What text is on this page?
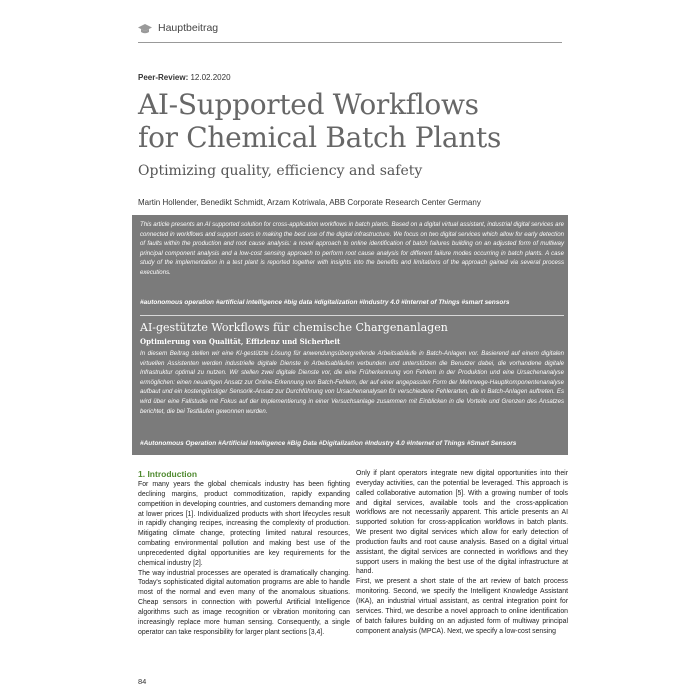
Hauptbeitrag
Peer-Review: 12.02.2020
AI-Supported Workflows
for Chemical Batch Plants
Optimizing quality, efficiency and safety
Martin Hollender, Benedikt Schmidt, Arzam Kotriwala, ABB Corporate Research Center Germany

This article presents an AI supported solution for cross-application workflows in batch plants. Based on a digital virtual assistant, industrial digital services are connected in workflows and support users in making the best use of the digital infrastructure. We focus on two digital services which allow for early detection of faults within the production and root cause analysis: a novel approach to online identification of batch failures building on an adjusted form of multiway principal component analysis and a low-cost sensing approach to perform root cause analysis for different failure modes occurring in batch plants. A case study of the implementation in a test plant is reported together with insights into the benefits and limitations of the approach gained via several process executions.

#autonomous operation #artificial intelligence #big data #digitalization #Industry 4.0 #Internet of Things #smart sensors
AI-gestützte Workflows für chemische Chargenanlagen
Optimierung von Qualität, Effizienz und Sicherheit

In diesem Beitrag stellen wir eine KI-gestützte Lösung für anwendungsübergreifende Arbeitsabläufe in Batch-Anlagen vor. Basierend auf einem digitalen virtuellen Assistenten werden industrielle digitale Dienste in Arbeitsabläufen verbunden und unterstützen die Benutzer dabei, die vorhandene digitale Infrastruktur optimal zu nutzen. Wir stellen zwei digitale Dienste vor, die eine Früherkennung von Fehlern in der Produktion und eine Ursachenanalyse ermöglichen: einen neuartigen Ansatz zur Online-Erkennung von Batch-Fehlern, der auf einer angepassten Form der Mehrwege-Hauptkomponentenanalyse aufbaut und ein kostengünstiger Sensorik-Ansatz zur Durchführung von Ursachenanalysen für verschiedene Fehlerarten, die in Batch-Anlagen auftreten. Es wird über eine Fallstudie mit Fokus auf der Implementierung in einer Versuchsanlage zusammen mit Einblicken in die Vorteile und Grenzen des Ansatzes berichtet, die bei Testläufen gewonnen wurden.

#Autonomous Operation #Artificial Intelligence #Big Data #Digitalization #Industry 4.0 #Internet of Things #Smart Sensors
1. Introduction

For many years the global chemicals industry has been fighting declining margins, product commoditization, rapidly expanding competition in developing countries, and customers demanding more at lower prices [1]. Individualized products with short lifecycles result in rapidly changing recipes, increasing the complexity of production. Mitigating climate change, protecting limited natural resources, combating environmental pollution and making best use of the unprecedented digital opportunities are key requirements for the chemical industry [2].

The way industrial processes are operated is dramatically changing. Today's sophisticated digital automation programs are able to handle most of the normal and even many of the anomalous situations. Cheap sensors in connection with powerful Artificial Intelligence algorithms such as image recognition or vibration monitoring can increasingly replace more human sensing. Consequently, a single operator can take responsibility for larger plant sections [3,4].

Only if plant operators integrate new digital opportunities into their everyday activities, can the potential be leveraged. This approach is called collaborative automation [5]. With a growing number of tools and digital services, available tools and the cross-application workflows are not necessarily apparent. This article presents an AI supported solution for cross-application workflows in batch plants. We present two digital services which allow for early detection of production faults and root cause analysis. Based on a digital virtual assistant, the digital services are connected in workflows and they support users in making the best use of the digital infrastructure at hand.

First, we present a short state of the art review of batch process monitoring. Second, we specify the Intelligent Knowledge Assistant (IKA), an industrial virtual assistant, as central integration point for services. Third, we describe a novel approach to online identification of batch failures building on an adjusted form of multiway principal component analysis (MPCA). Next, we specify a low-cost sensing

84
